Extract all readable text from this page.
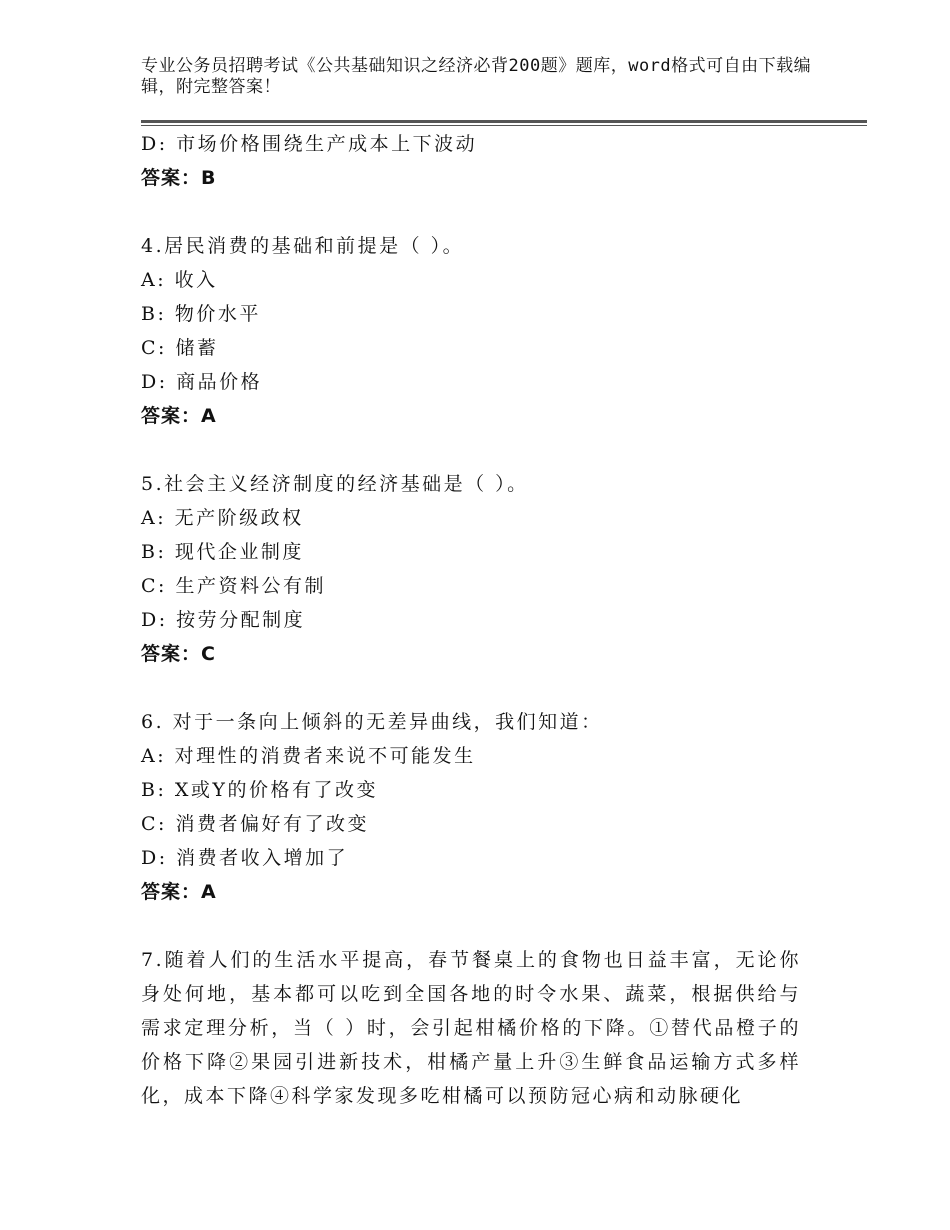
专业公务员招聘考试《公共基础知识之经济必背200题》题库，word格式可自由下载编辑，附完整答案！
D: 市场价格围绕生产成本上下波动
答案：B
4.居民消费的基础和前提是（ ）。
A: 收入
B: 物价水平
C: 储蓄
D: 商品价格
答案：A
5.社会主义经济制度的经济基础是（ ）。
A: 无产阶级政权
B: 现代企业制度
C: 生产资料公有制
D: 按劳分配制度
答案：C
6. 对于一条向上倾斜的无差异曲线，我们知道：
A: 对理性的消费者来说不可能发生
B: X或Y的价格有了改变
C: 消费者偏好有了改变
D: 消费者收入增加了
答案：A

7.随着人们的生活水平提高，春节餐桌上的食物也日益丰富，无论你身处何地，基本都可以吃到全国各地的时令水果、蔬菜，根据供给与需求定理分析，当（ ）时，会引起柑橘价格的下降。①替代品橙子的价格下降②果园引进新技术，柑橘产量上升③生鲜食品运输方式多样化，成本下降④科学家发现多吃柑橘可以预防冠心病和动脉硬化
